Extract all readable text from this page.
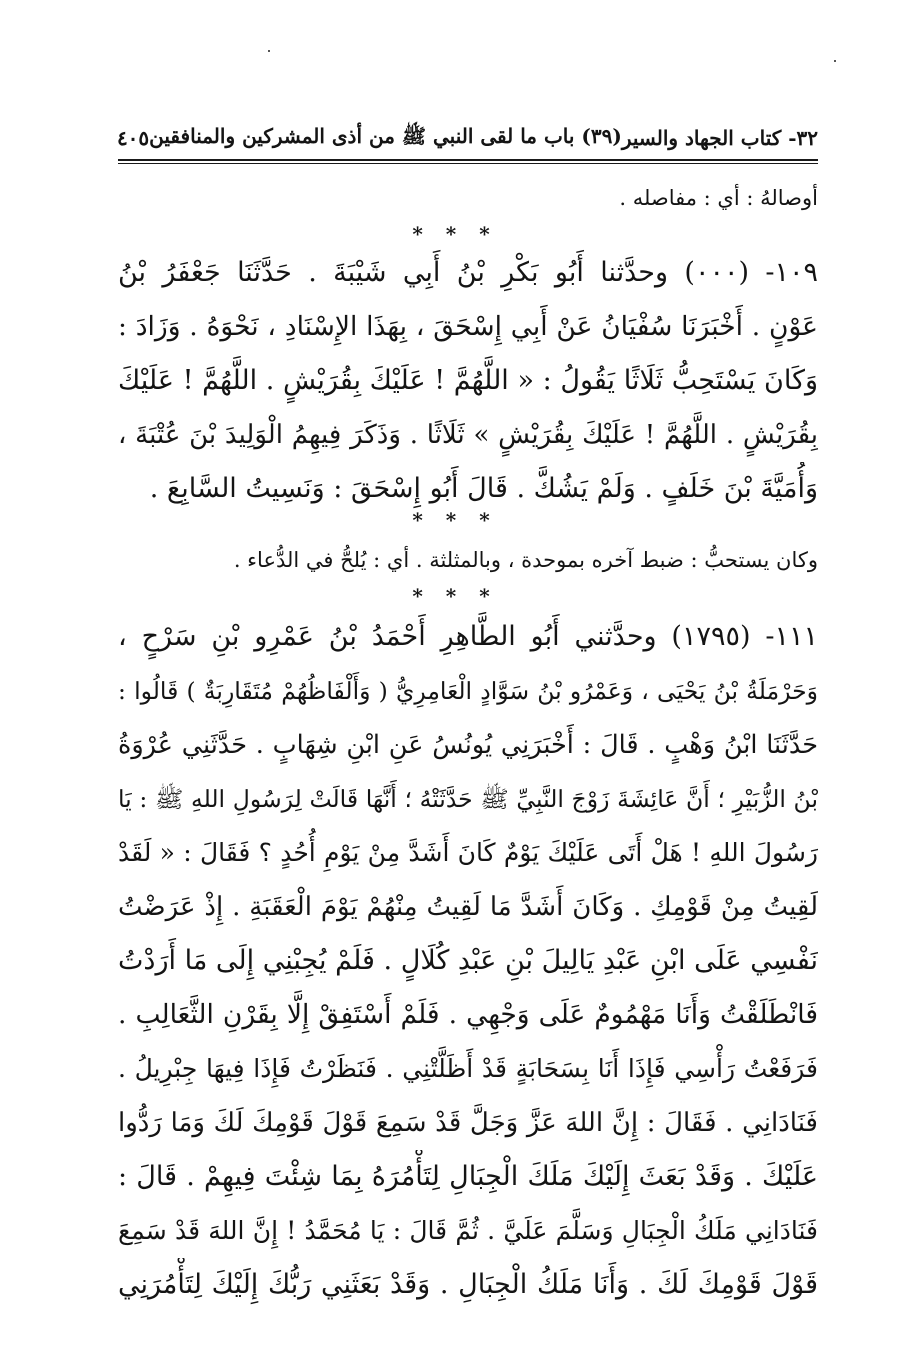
٣٢- كتاب الجهاد والسير
(٣٩) باب ما لقى النبي ﷺ من أذى المشركين والمنافقين
٤٠٥
أوصالهُ : أي : مفاصله .
* * *
١٠٩- (٠٠٠) وحدَّثنا أَبُو بَكْرِ بْنُ أَبِي شَيْبَةَ . حَدَّثَنَا جَعْفَرُ بْنُ
عَوْنٍ . أَخْبَرَنَا سُفْيَانُ عَنْ أَبِي إِسْحَقَ ، بِهَذَا الإِسْنَادِ ، نَحْوَهُ . وَزَادَ :
وَكَانَ يَسْتَحِبُّ ثَلَاثًا يَقُولُ : « اللَّهُمَّ ! عَلَيْكَ بِقُرَيْشٍ . اللَّهُمَّ ! عَلَيْكَ
بِقُرَيْشٍ . اللَّهُمَّ ! عَلَيْكَ بِقُرَيْشٍ » ثَلَاثًا . وَذَكَرَ فِيهِمُ الْوَلِيدَ بْنَ عُتْبَةَ ،
وَأُمَيَّةَ بْنَ خَلَفٍ . وَلَمْ يَشُكَّ . قَالَ أَبُو إِسْحَقَ : وَنَسِيتُ السَّابِعَ .
* * *
وكان يستحبُّ : ضبط آخره بموحدة ، وبالمثلثة . أي : يُلحُّ في الدُّعاء .
* * *
١١١- (١٧٩٥) وحدَّثني أَبُو الطَّاهِرِ أَحْمَدُ بْنُ عَمْرِو بْنِ سَرْحٍ ،
وَحَرْمَلَةُ بْنُ يَحْيَى ، وَعَمْرُو بْنُ سَوَّادٍ الْعَامِرِيُّ ( وَأَلْفَاظُهُمْ مُتَقَارِبَةٌ ) قَالُوا :
حَدَّثَنَا ابْنُ وَهْبٍ . قَالَ : أَخْبَرَنِي يُونُسُ عَنِ ابْنِ شِهَابٍ . حَدَّثَنِي عُرْوَةُ
بْنُ الزُّبَيْرِ ؛ أَنَّ عَائِشَةَ زَوْجَ النَّبِيِّ ﷺ حَدَّثَتْهُ ؛ أَنَّهَا قَالَتْ لِرَسُولِ اللهِ ﷺ : يَا
رَسُولَ اللهِ ! هَلْ أَتَى عَلَيْكَ يَوْمٌ كَانَ أَشَدَّ مِنْ يَوْمِ أُحُدٍ ؟ فَقَالَ : « لَقَدْ
لَقِيتُ مِنْ قَوْمِكِ . وَكَانَ أَشَدَّ مَا لَقِيتُ مِنْهُمْ يَوْمَ الْعَقَبَةِ . إِذْ عَرَضْتُ
نَفْسِي عَلَى ابْنِ عَبْدِ يَالِيلَ بْنِ عَبْدِ كُلَالٍ . فَلَمْ يُجِبْنِي إِلَى مَا أَرَدْتُ
فَانْطَلَقْتُ وَأَنَا مَهْمُومٌ عَلَى وَجْهِي . فَلَمْ أَسْتَفِقْ إِلَّا بِقَرْنِ الثَّعَالِبِ .
فَرَفَعْتُ رَأْسِي فَإِذَا أَنَا بِسَحَابَةٍ قَدْ أَظَلَّتْنِي . فَنَظَرْتُ فَإِذَا فِيهَا جِبْرِيلُ .
فَنَادَانِي . فَقَالَ : إِنَّ اللهَ عَزَّ وَجَلَّ قَدْ سَمِعَ قَوْلَ قَوْمِكَ لَكَ وَمَا رَدُّوا
عَلَيْكَ . وَقَدْ بَعَثَ إِلَيْكَ مَلَكَ الْجِبَالِ لِتَأْمُرَهُ بِمَا شِئْتَ فِيهِمْ . قَالَ :
فَنَادَانِي مَلَكُ الْجِبَالِ وَسَلَّمَ عَلَيَّ . ثُمَّ قَالَ : يَا مُحَمَّدُ ! إِنَّ اللهَ قَدْ سَمِعَ
قَوْلَ قَوْمِكَ لَكَ . وَأَنَا مَلَكُ الْجِبَالِ . وَقَدْ بَعَثَنِي رَبُّكَ إِلَيْكَ لِتَأْمُرَنِي
